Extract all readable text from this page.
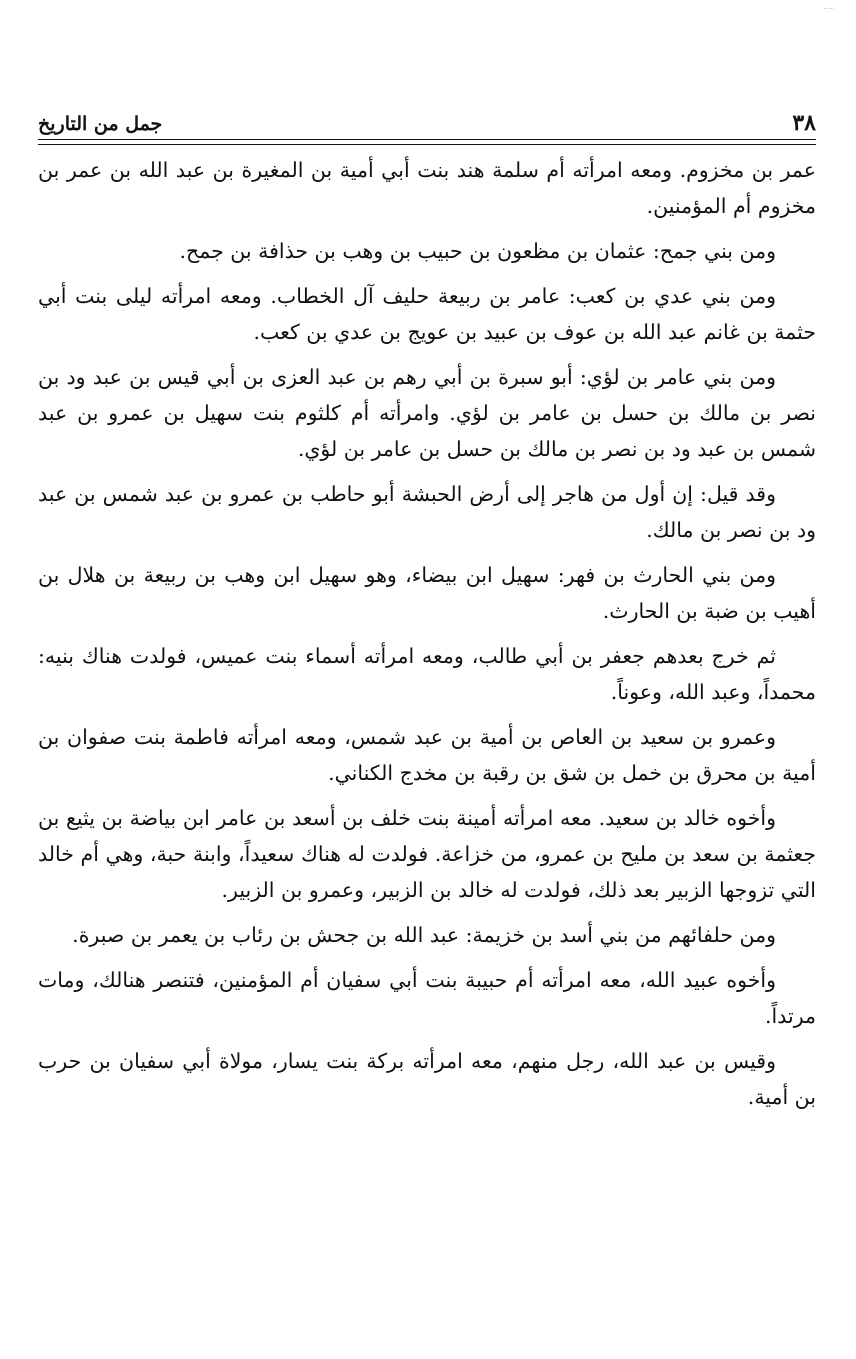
٣٨
جمل من التاريخ

عمر بن مخزوم. ومعه امرأته أم سلمة هند بنت أبي أمية بن المغيرة بن عبد الله بن عمر بن مخزوم أم المؤمنين.

ومن بني جمح: عثمان بن مظعون بن حبيب بن وهب بن حذافة بن جمح.

ومن بني عدي بن كعب: عامر بن ربيعة حليف آل الخطاب. ومعه امرأته ليلى بنت أبي حثمة بن غانم عبد الله بن عوف بن عبيد بن عويج بن عدي بن كعب.

ومن بني عامر بن لؤي: أبو سبرة بن أبي رهم بن عبد العزى بن أبي قيس بن عبد ود بن نصر بن مالك بن حسل بن عامر بن لؤي. وامرأته أم كلثوم بنت سهيل بن عمرو بن عبد شمس بن عبد ود بن نصر بن مالك بن حسل بن عامر بن لؤي.

وقد قيل: إن أول من هاجر إلى أرض الحبشة أبو حاطب بن عمرو بن عبد شمس بن عبد ود بن نصر بن مالك.

ومن بني الحارث بن فهر: سهيل ابن بيضاء، وهو سهيل ابن وهب بن ربيعة بن هلال بن أهيب بن ضبة بن الحارث.

ثم خرج بعدهم جعفر بن أبي طالب، ومعه امرأته أسماء بنت عميس، فولدت هناك بنيه: محمداً، وعبد الله، وعوناً.

وعمرو بن سعيد بن العاص بن أمية بن عبد شمس، ومعه امرأته فاطمة بنت صفوان بن أمية بن محرق بن خمل بن شق بن رقبة بن مخدج الكناني.

وأخوه خالد بن سعيد. معه امرأته أمينة بنت خلف بن أسعد بن عامر ابن بياضة بن يثيع بن جعثمة بن سعد بن مليح بن عمرو، من خزاعة. فولدت له هناك سعيداً، وابنة حبة، وهي أم خالد التي تزوجها الزبير بعد ذلك، فولدت له خالد بن الزبير، وعمرو بن الزبير.

ومن حلفائهم من بني أسد بن خزيمة: عبد الله بن جحش بن رئاب بن يعمر بن صبرة.

وأخوه عبيد الله، معه امرأته أم حبيبة بنت أبي سفيان أم المؤمنين، فتنصر هنالك، ومات مرتداً.

وقيس بن عبد الله، رجل منهم، معه امرأته بركة بنت يسار، مولاة أبي سفيان بن حرب بن أمية.
